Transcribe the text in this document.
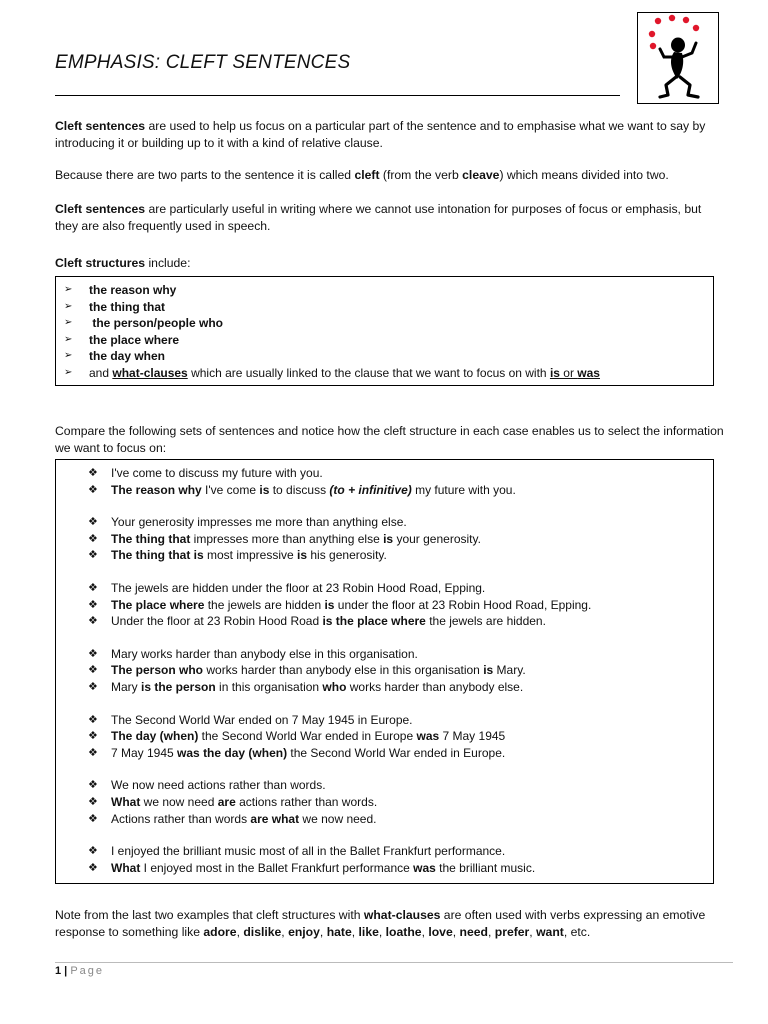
EMPHASIS: CLEFT SENTENCES

Cleft sentences are used to help us focus on a particular part of the sentence and to emphasise what we want to say by introducing it or building up to it with a kind of relative clause.

Because there are two parts to the sentence it is called cleft (from the verb cleave) which means divided into two.

Cleft sentences are particularly useful in writing where we cannot use intonation for purposes of focus or emphasis, but they are also frequently used in speech.

Cleft structures include:

➢ the reason why
➢ the thing that
➢ the person/people who
➢ the place where
➢ the day when
➢ and what-clauses which are usually linked to the clause that we want to focus on with is or was

Compare the following sets of sentences and notice how the cleft structure in each case enables us to select the information we want to focus on:

❖ I've come to discuss my future with you.
❖ The reason why I've come is to discuss (to + infinitive) my future with you.
❖ Your generosity impresses me more than anything else.
❖ The thing that impresses more than anything else is your generosity.
❖ The thing that is most impressive is his generosity.
❖ The jewels are hidden under the floor at 23 Robin Hood Road, Epping.
❖ The place where the jewels are hidden is under the floor at 23 Robin Hood Road, Epping.
❖ Under the floor at 23 Robin Hood Road is the place where the jewels are hidden.
❖ Mary works harder than anybody else in this organisation.
❖ The person who works harder than anybody else in this organisation is Mary.
❖ Mary is the person in this organisation who works harder than anybody else.
❖ The Second World War ended on 7 May 1945 in Europe.
❖ The day (when) the Second World War ended in Europe was 7 May 1945
❖ 7 May 1945 was the day (when) the Second World War ended in Europe.
❖ We now need actions rather than words.
❖ What we now need are actions rather than words.
❖ Actions rather than words are what we now need.
❖ I enjoyed the brilliant music most of all in the Ballet Frankfurt performance.
❖ What I enjoyed most in the Ballet Frankfurt performance was the brilliant music.

Note from the last two examples that cleft structures with what-clauses are often used with verbs expressing an emotive response to something like adore, dislike, enjoy, hate, like, loathe, love, need, prefer, want, etc.

1 | Page
